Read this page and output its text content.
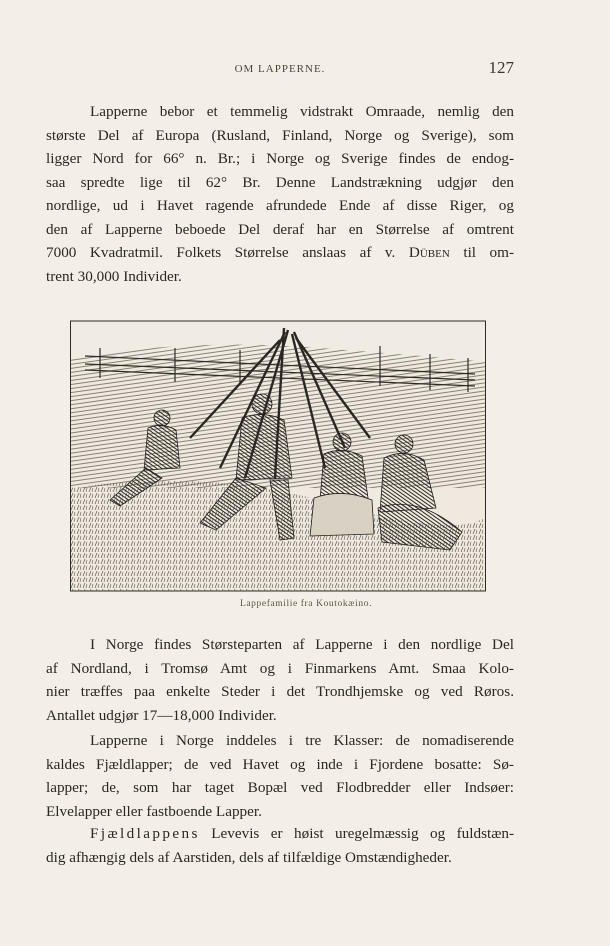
OM LAPPERNE.	127
Lapperne bebor et temmelig vidstrakt Omraade, nemlig den
største Del af Europa (Rusland, Finland, Norge og Sverige), som
ligger Nord for 66° n. Br.; i Norge og Sverige findes de endog-
saa spredte lige til 62° Br. Denne Landstrækning udgjør den
nordlige, ud i Havet ragende afrundede Ende af disse Riger, og
den af Lapperne beboede Del deraf har en Størrelse af omtrent
7000 Kvadratmil. Folkets Størrelse anslaas af v. Düben til om-
trent 30,000 Individer.
Lappefamilie fra Koutokæino.
I Norge findes Størsteparten af Lapperne i den nordlige Del
af Nordland, i Tromsø Amt og i Finmarkens Amt. Smaa Kolo-
nier træffes paa enkelte Steder i det Trondhjemske og ved Røros.
Antallet udgjør 17—18,000 Individer.
Lapperne i Norge inddeles i tre Klasser: de nomadiserende
kaldes Fjældlapper; de ved Havet og inde i Fjordene bosatte: Sø-
lapper; de, som har taget Bopæl ved Flodbredder eller Indsøer:
Elvelapper eller fastboende Lapper.
Fjældlappens Levevis er høist uregelmæssig og fuldstæn-
dig afhængig dels af Aarstiden, dels af tilfældige Omstændigheder.
